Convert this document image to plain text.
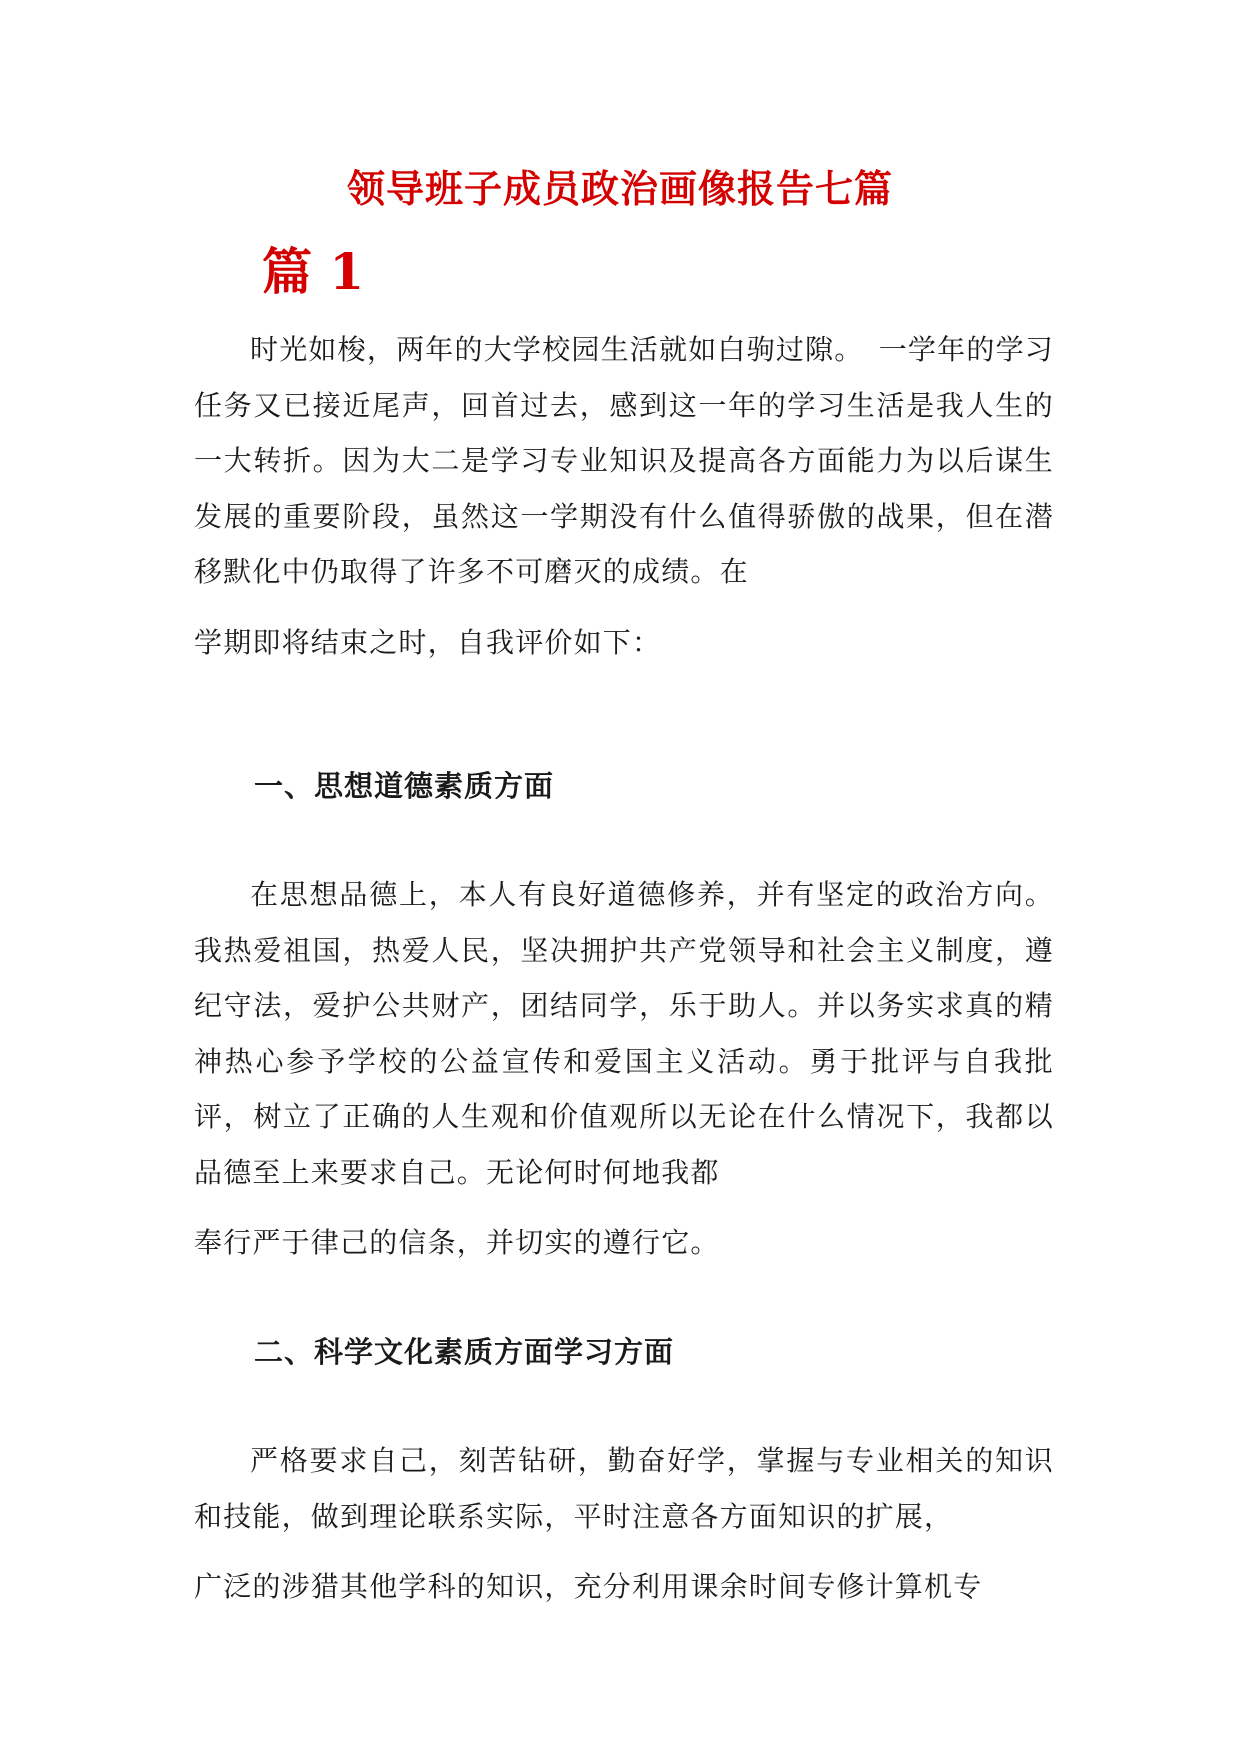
领导班子成员政治画像报告七篇
篇 1

时光如梭，两年的大学校园生活就如白驹过隙。　一学年的学习任务又已接近尾声，回首过去，感到这一年的学习生活是我人生的一大转折。因为大二是学习专业知识及提高各方面能力为以后谋生发展的重要阶段，虽然这一学期没有什么值得骄傲的战果，但在潜移默化中仍取得了许多不可磨灭的成绩。在
学期即将结束之时，自我评价如下：

一、思想道德素质方面

在思想品德上，本人有良好道德修养，并有坚定的政治方向。我热爱祖国，热爱人民，坚决拥护共产党领导和社会主义制度，遵纪守法，爱护公共财产，团结同学，乐于助人。并以务实求真的精神热心参予学校的公益宣传和爱国主义活动。勇于批评与自我批评，树立了正确的人生观和价值观所以无论在什么情况下，我都以品德至上来要求自己。无论何时何地我都
奉行严于律己的信条，并切实的遵行它。

二、科学文化素质方面学习方面

严格要求自己，刻苦钻研，勤奋好学，掌握与专业相关的知识和技能，做到理论联系实际，平时注意各方面知识的扩展，
广泛的涉猎其他学科的知识，充分利用课余时间专修计算机专
